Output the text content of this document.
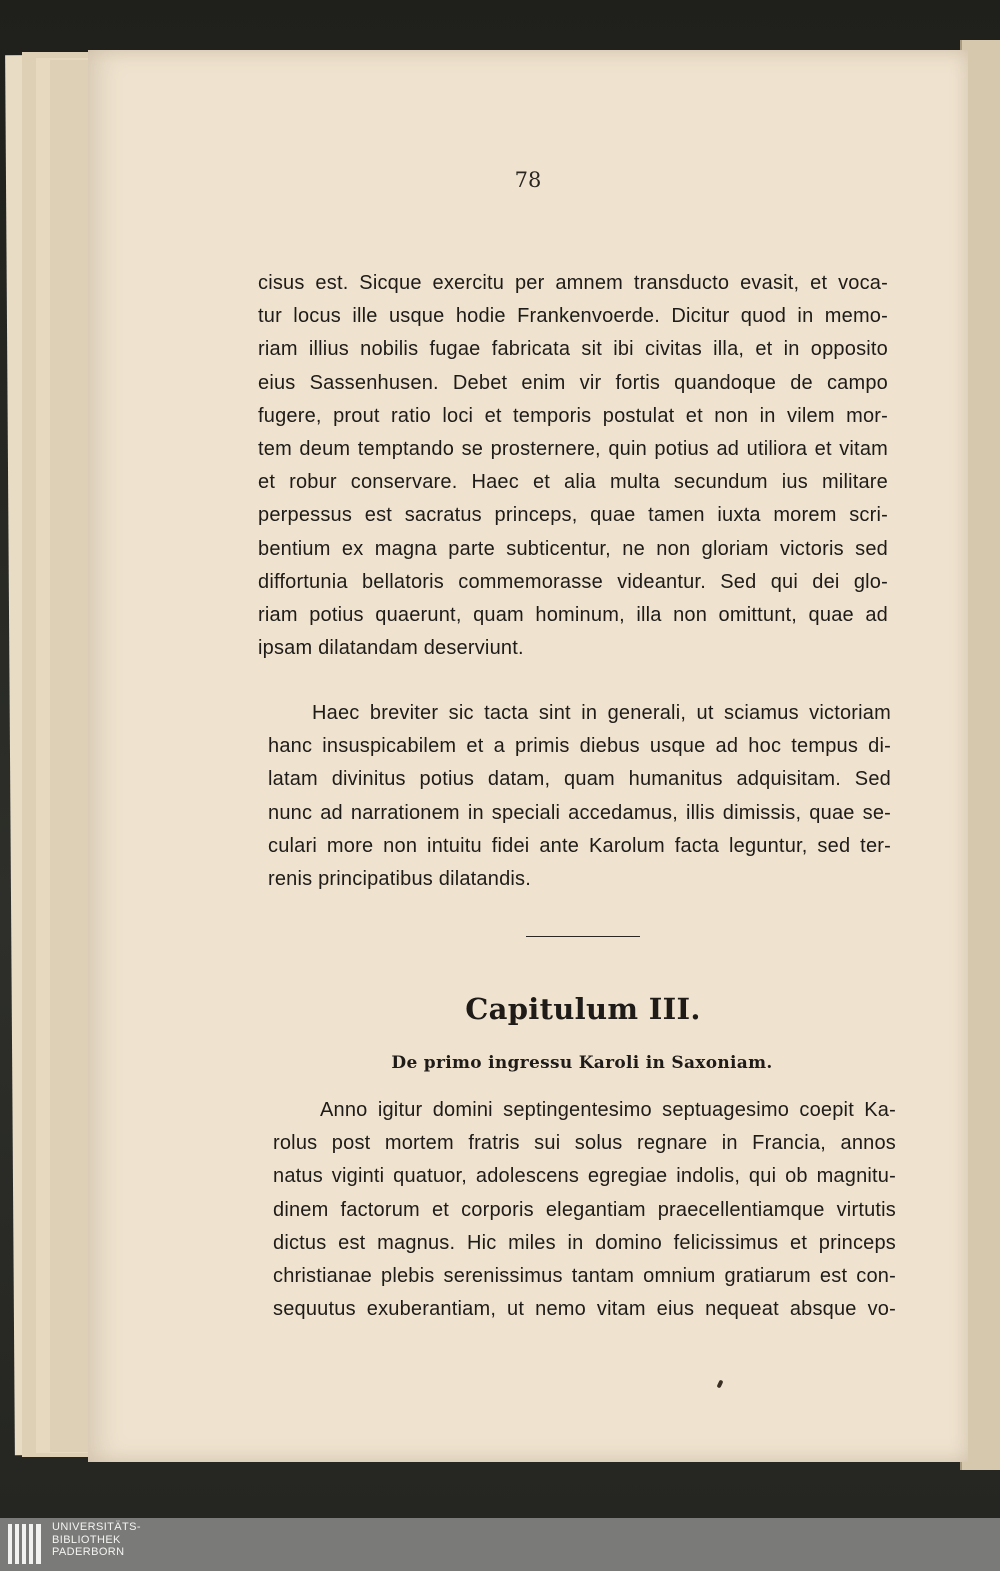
78
cisus est. Sicque exercitu per amnem transducto evasit, et voca-
tur locus ille usque hodie Frankenvoerde. Dicitur quod in memo-
riam illius nobilis fugae fabricata sit ibi civitas illa, et in opposito
eius Sassenhusen. Debet enim vir fortis quandoque de campo
fugere, prout ratio loci et temporis postulat et non in vilem mor-
tem deum temptando se prosternere, quin potius ad utiliora et vitam
et robur conservare. Haec et alia multa secundum ius militare
perpessus est sacratus princeps, quae tamen iuxta morem scri-
bentium ex magna parte subticentur, ne non gloriam victoris sed
diffortunia bellatoris commemorasse videantur. Sed qui dei glo-
riam potius quaerunt, quam hominum, illa non omittunt, quae ad
ipsam dilatandam deserviunt.
Haec breviter sic tacta sint in generali, ut sciamus victoriam
hanc insuspicabilem et a primis diebus usque ad hoc tempus di-
latam divinitus potius datam, quam humanitus adquisitam. Sed
nunc ad narrationem in speciali accedamus, illis dimissis, quae se-
culari more non intuitu fidei ante Karolum facta leguntur, sed ter-
renis principatibus dilatandis.
Capitulum III.
De primo ingressu Karoli in Saxoniam.
Anno igitur domini septingentesimo septuagesimo coepit Ka-
rolus post mortem fratris sui solus regnare in Francia, annos
natus viginti quatuor, adolescens egregiae indolis, qui ob magnitu-
dinem factorum et corporis elegantiam praecellentiamque virtutis
dictus est magnus. Hic miles in domino felicissimus et princeps
christianae plebis serenissimus tantam omnium gratiarum est con-
sequutus exuberantiam, ut nemo vitam eius nequeat absque vo-
UNIVERSITÄTS-
BIBLIOTHEK
PADERBORN
